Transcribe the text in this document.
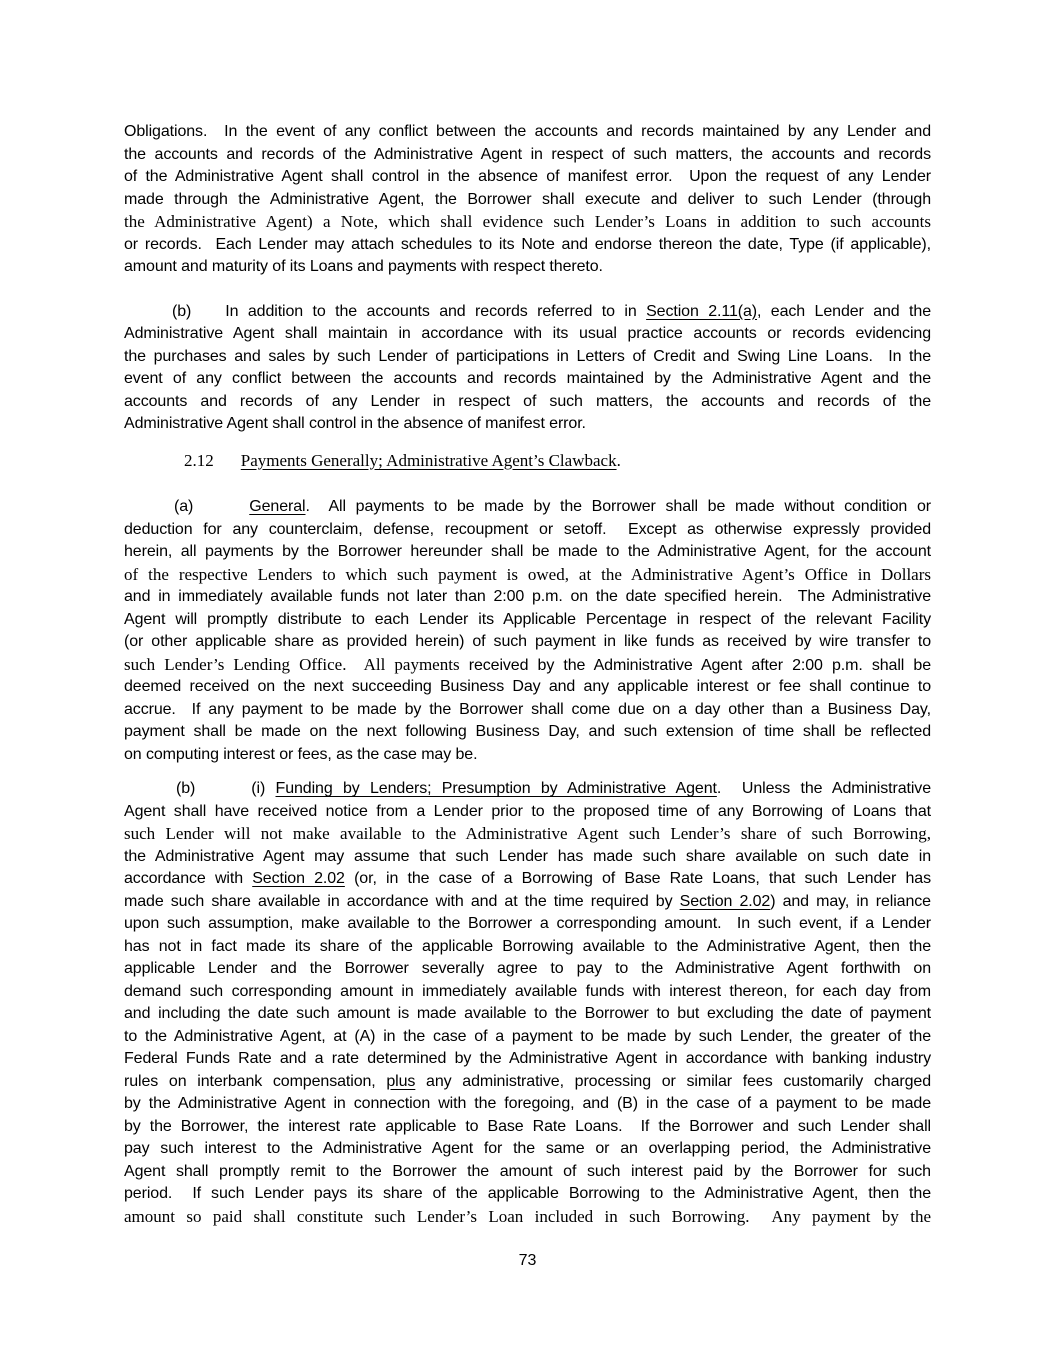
Obligations.  In the event of any conflict between the accounts and records maintained by any Lender and
the accounts and records of the Administrative Agent in respect of such matters, the accounts and records
of the Administrative Agent shall control in the absence of manifest error.  Upon the request of any Lender
made through the Administrative Agent, the Borrower shall execute and deliver to such Lender (through
the Administrative Agent) a Note, which shall evidence such Lender’s Loans in addition to such accounts
or records.  Each Lender may attach schedules to its Note and endorse thereon the date, Type (if applicable),
amount and maturity of its Loans and payments with respect thereto.
(b) In addition to the accounts and records referred to in Section 2.11(a), each Lender and the
Administrative Agent shall maintain in accordance with its usual practice accounts or records evidencing
the purchases and sales by such Lender of participations in Letters of Credit and Swing Line Loans.  In the
event of any conflict between the accounts and records maintained by the Administrative Agent and the
accounts and records of any Lender in respect of such matters, the accounts and records of the
Administrative Agent shall control in the absence of manifest error.
2.12 Payments Generally; Administrative Agent’s Clawback.
(a)	General.  All payments to be made by the Borrower shall be made without condition or
deduction for any counterclaim, defense, recoupment or setoff.  Except as otherwise expressly provided
herein, all payments by the Borrower hereunder shall be made to the Administrative Agent, for the account
of the respective Lenders to which such payment is owed, at the Administrative Agent’s Office in Dollars
and in immediately available funds not later than 2:00 p.m. on the date specified herein.  The Administrative
Agent will promptly distribute to each Lender its Applicable Percentage in respect of the relevant Facility
(or other applicable share as provided herein) of such payment in like funds as received by wire transfer to
such Lender’s Lending Office.  All payments received by the Administrative Agent after 2:00 p.m. shall be
deemed received on the next succeeding Business Day and any applicable interest or fee shall continue to
accrue.  If any payment to be made by the Borrower shall come due on a day other than a Business Day,
payment shall be made on the next following Business Day, and such extension of time shall be reflected
on computing interest or fees, as the case may be.
(b)	(i) Funding by Lenders; Presumption by Administrative Agent.  Unless the Administrative
Agent shall have received notice from a Lender prior to the proposed time of any Borrowing of Loans that
such Lender will not make available to the Administrative Agent such Lender’s share of such Borrowing,
the Administrative Agent may assume that such Lender has made such share available on such date in
accordance with Section 2.02 (or, in the case of a Borrowing of Base Rate Loans, that such Lender has
made such share available in accordance with and at the time required by Section 2.02) and may, in reliance
upon such assumption, make available to the Borrower a corresponding amount.  In such event, if a Lender
has not in fact made its share of the applicable Borrowing available to the Administrative Agent, then the
applicable Lender and the Borrower severally agree to pay to the Administrative Agent forthwith on
demand such corresponding amount in immediately available funds with interest thereon, for each day from
and including the date such amount is made available to the Borrower to but excluding the date of payment
to the Administrative Agent, at (A) in the case of a payment to be made by such Lender, the greater of the
Federal Funds Rate and a rate determined by the Administrative Agent in accordance with banking industry
rules on interbank compensation, plus any administrative, processing or similar fees customarily charged
by the Administrative Agent in connection with the foregoing, and (B) in the case of a payment to be made
by the Borrower, the interest rate applicable to Base Rate Loans.  If the Borrower and such Lender shall
pay such interest to the Administrative Agent for the same or an overlapping period, the Administrative
Agent shall promptly remit to the Borrower the amount of such interest paid by the Borrower for such
period.  If such Lender pays its share of the applicable Borrowing to the Administrative Agent, then the
amount so paid shall constitute such Lender’s Loan included in such Borrowing.  Any payment by the
73
